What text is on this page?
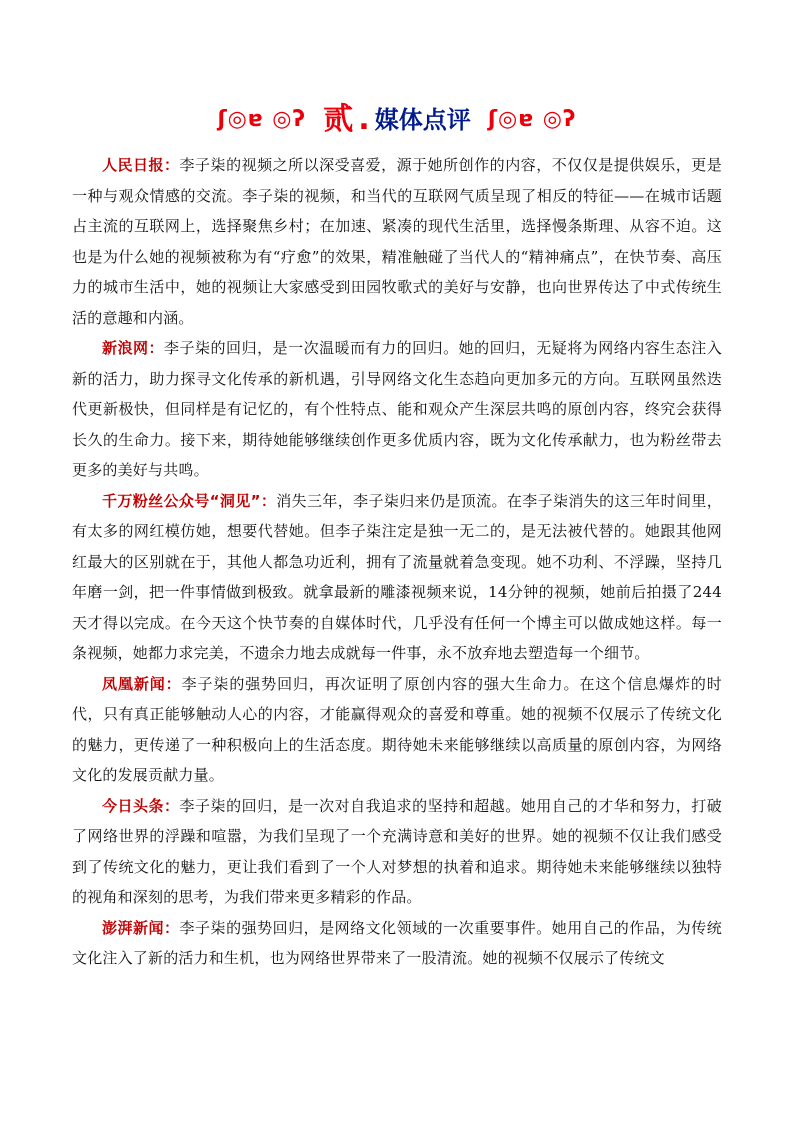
ʃ◎ɐ ◎ʔ 贰 . 媒体点评 ʃ◎ɐ ◎ʔ

人民日报：李子柒的视频之所以深受喜爱，源于她所创作的内容，不仅仅是提供娱乐，更是一种与观众情感的交流。李子柒的视频，和当代的互联网气质呈现了相反的特征——在城市话题占主流的互联网上，选择聚焦乡村；在加速、紧凑的现代生活里，选择慢条斯理、从容不迫。这也是为什么她的视频被称为有“疗愈”的效果，精准触碰了当代人的“精神痛点”，在快节奏、高压力的城市生活中，她的视频让大家感受到田园牧歌式的美好与安静，也向世界传达了中式传统生活的意趣和内涵。

新浪网：李子柒的回归，是一次温暖而有力的回归。她的回归，无疑将为网络内容生态注入新的活力，助力探寻文化传承的新机遇，引导网络文化生态趋向更加多元的方向。互联网虽然迭代更新极快，但同样是有记忆的，有个性特点、能和观众产生深层共鸣的原创内容，终究会获得长久的生命力。接下来，期待她能够继续创作更多优质内容，既为文化传承献力，也为粉丝带去更多的美好与共鸣。

千万粉丝公众号“洞见”：消失三年，李子柒归来仍是顶流。在李子柒消失的这三年时间里，有太多的网红模仿她，想要代替她。但李子柒注定是独一无二的，是无法被代替的。她跟其他网红最大的区别就在于，其他人都急功近利，拥有了流量就着急变现。她不功利、不浮躁，坚持几年磨一剑，把一件事情做到极致。就拿最新的雕漆视频来说，14分钟的视频，她前后拍摄了244天才得以完成。在今天这个快节奏的自媒体时代，几乎没有任何一个博主可以做成她这样。每一条视频，她都力求完美，不遗余力地去成就每一件事，永不放弃地去塑造每一个细节。

凤凰新闻：李子柒的强势回归，再次证明了原创内容的强大生命力。在这个信息爆炸的时代，只有真正能够触动人心的内容，才能赢得观众的喜爱和尊重。她的视频不仅展示了传统文化的魅力，更传递了一种积极向上的生活态度。期待她未来能够继续以高质量的原创内容，为网络文化的发展贡献力量。

今日头条：李子柒的回归，是一次对自我追求的坚持和超越。她用自己的才华和努力，打破了网络世界的浮躁和喧嚣，为我们呈现了一个充满诗意和美好的世界。她的视频不仅让我们感受到了传统文化的魅力，更让我们看到了一个人对梦想的执着和追求。期待她未来能够继续以独特的视角和深刻的思考，为我们带来更多精彩的作品。

澎湃新闻：李子柒的强势回归，是网络文化领域的一次重要事件。她用自己的作品，为传统文化注入了新的活力和生机，也为网络世界带来了一股清流。她的视频不仅展示了传统文
